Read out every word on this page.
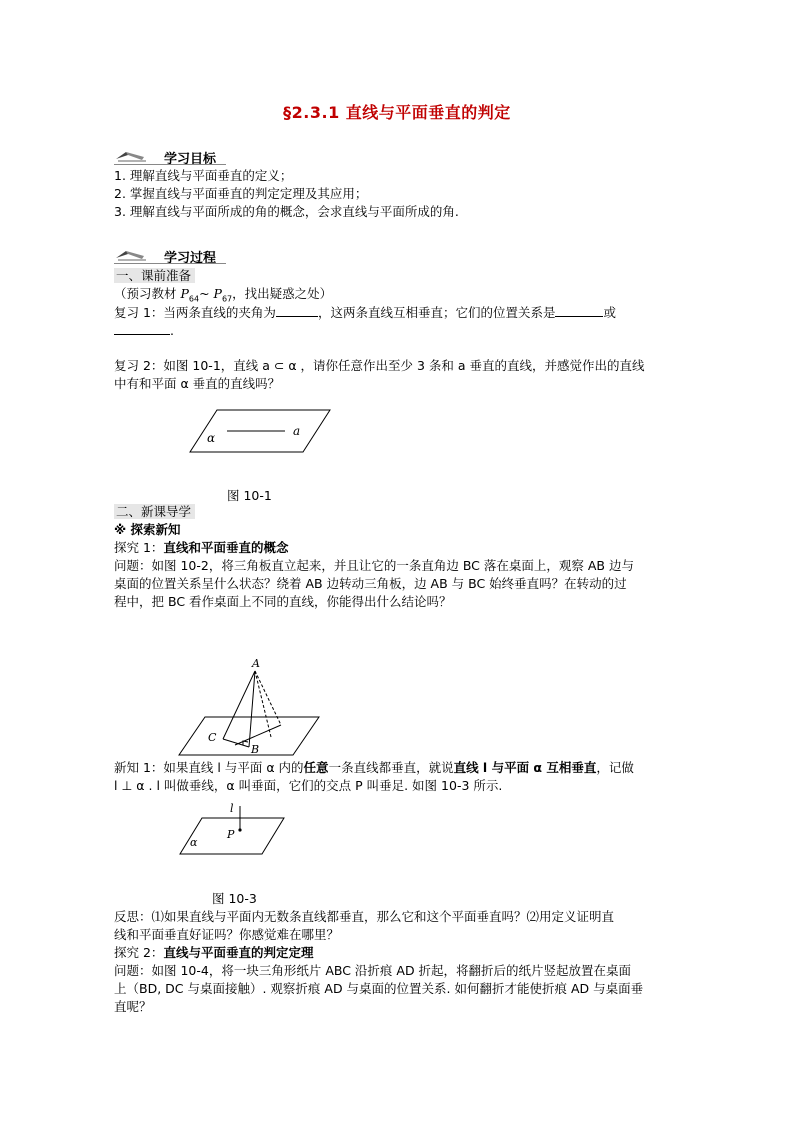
§2.3.1 直线与平面垂直的判定
学习目标
1. 理解直线与平面垂直的定义；
2. 掌握直线与平面垂直的判定定理及其应用；
3. 理解直线与平面所成的角的概念，会求直线与平面所成的角.
学习过程
一、课前准备
（预习教材 $P_{64}\sim$ $P_{67}$，找出疑惑之处）
复习 1：当两条直线的夹角为	，这两条直线互相垂直；它们的位置关系是	或
.
复习 2：如图 10-1，直线 a ⊂ α ，请你任意作出至少 3 条和 a 垂直的直线，并感觉作出的直线
中有和平面 α 垂直的直线吗？
α	a
图 10-1
二、新课导学
※ 探索新知
探究 1：直线和平面垂直的概念
问题：如图 10-2，将三角板直立起来，并且让它的一条直角边 BC 落在桌面上，观察 AB 边与
桌面的位置关系呈什么状态？绕着 AB 边转动三角板，边 AB 与 BC 始终垂直吗？在转动的过
程中，把 BC 看作桌面上不同的直线，你能得出什么结论吗？
A
C
B
新知 1：如果直线 l 与平面 α 内的任意一条直线都垂直，就说直线 l 与平面 α 互相垂直，记做
l ⊥ α . l 叫做垂线，α 叫垂面，它们的交点 P 叫垂足. 如图 10-3 所示.
l
P
α
图 10-3
反思：⑴如果直线与平面内无数条直线都垂直，那么它和这个平面垂直吗？⑵用定义证明直
线和平面垂直好证吗？你感觉难在哪里？
探究 2：直线与平面垂直的判定定理
问题：如图 10-4，将一块三角形纸片 ABC 沿折痕 AD 折起，将翻折后的纸片竖起放置在桌面
上（BD, DC 与桌面接触）. 观察折痕 AD 与桌面的位置关系. 如何翻折才能使折痕 AD 与桌面垂
直呢？
